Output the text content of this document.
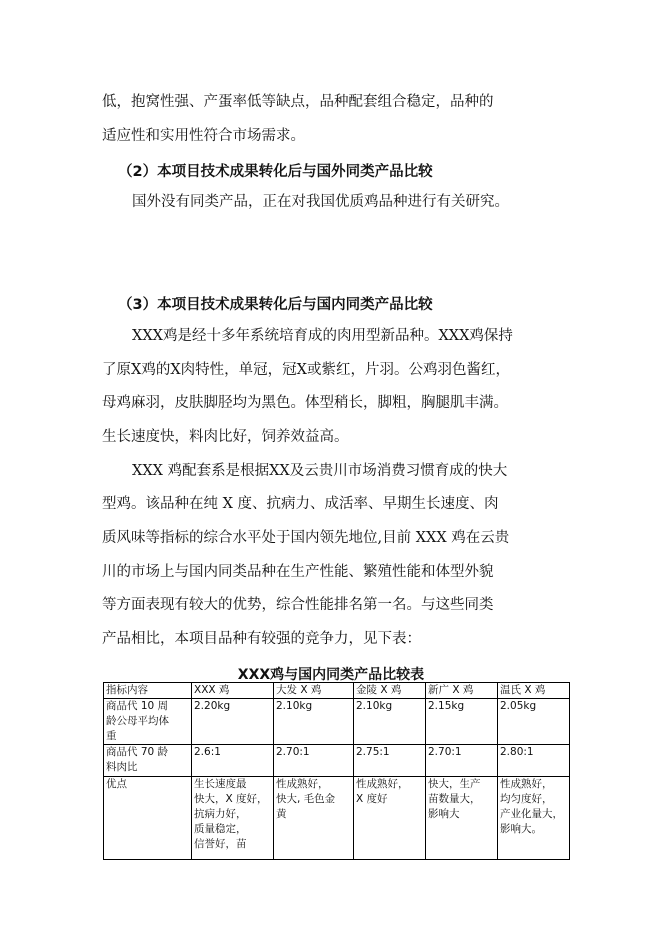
低，抱窝性强、产蛋率低等缺点，品种配套组合稳定，品种的
适应性和实用性符合市场需求。
（2）本项目技术成果转化后与国外同类产品比较
国外没有同类产品，正在对我国优质鸡品种进行有关研究。
（3）本项目技术成果转化后与国内同类产品比较
XXX鸡是经十多年系统培育成的肉用型新品种。XXX鸡保持
了原X鸡的X肉特性，单冠，冠X或紫红，片羽。公鸡羽色酱红，
母鸡麻羽，皮肤脚胫均为黑色。体型稍长，脚粗，胸腿肌丰满。
生长速度快，料肉比好，饲养效益高。
XXX 鸡配套系是根据XX及云贵川市场消费习惯育成的快大
型鸡。该品种在纯 X 度、抗病力、成活率、早期生长速度、肉
质风味等指标的综合水平处于国内领先地位,目前 XXX 鸡在云贵
川的市场上与国内同类品种在生产性能、繁殖性能和体型外貌
等方面表现有较大的优势，综合性能排名第一名。与这些同类
产品相比，本项目品种有较强的竞争力，见下表：
XXX鸡与国内同类产品比较表
指标内容	XXX 鸡	大发 X 鸡	金陵 X 鸡	新广 X 鸡	温氏 X 鸡
商品代 10 周
龄公母平均体
重	2.20kg	2.10kg	2.10kg	2.15kg	2.05kg
商品代 70 龄
料肉比	2.6:1	2.70:1	2.75:1	2.70:1	2.80:1
优点	生长速度最
快大，X 度好，
抗病力好，
质量稳定，
信誉好，苗	性成熟好，
快大, 毛色金
黄	性成熟好，
X 度好	快大，生产
苗数量大，
影响大	性成熟好，
均匀度好，
产业化量大，
影响大。
